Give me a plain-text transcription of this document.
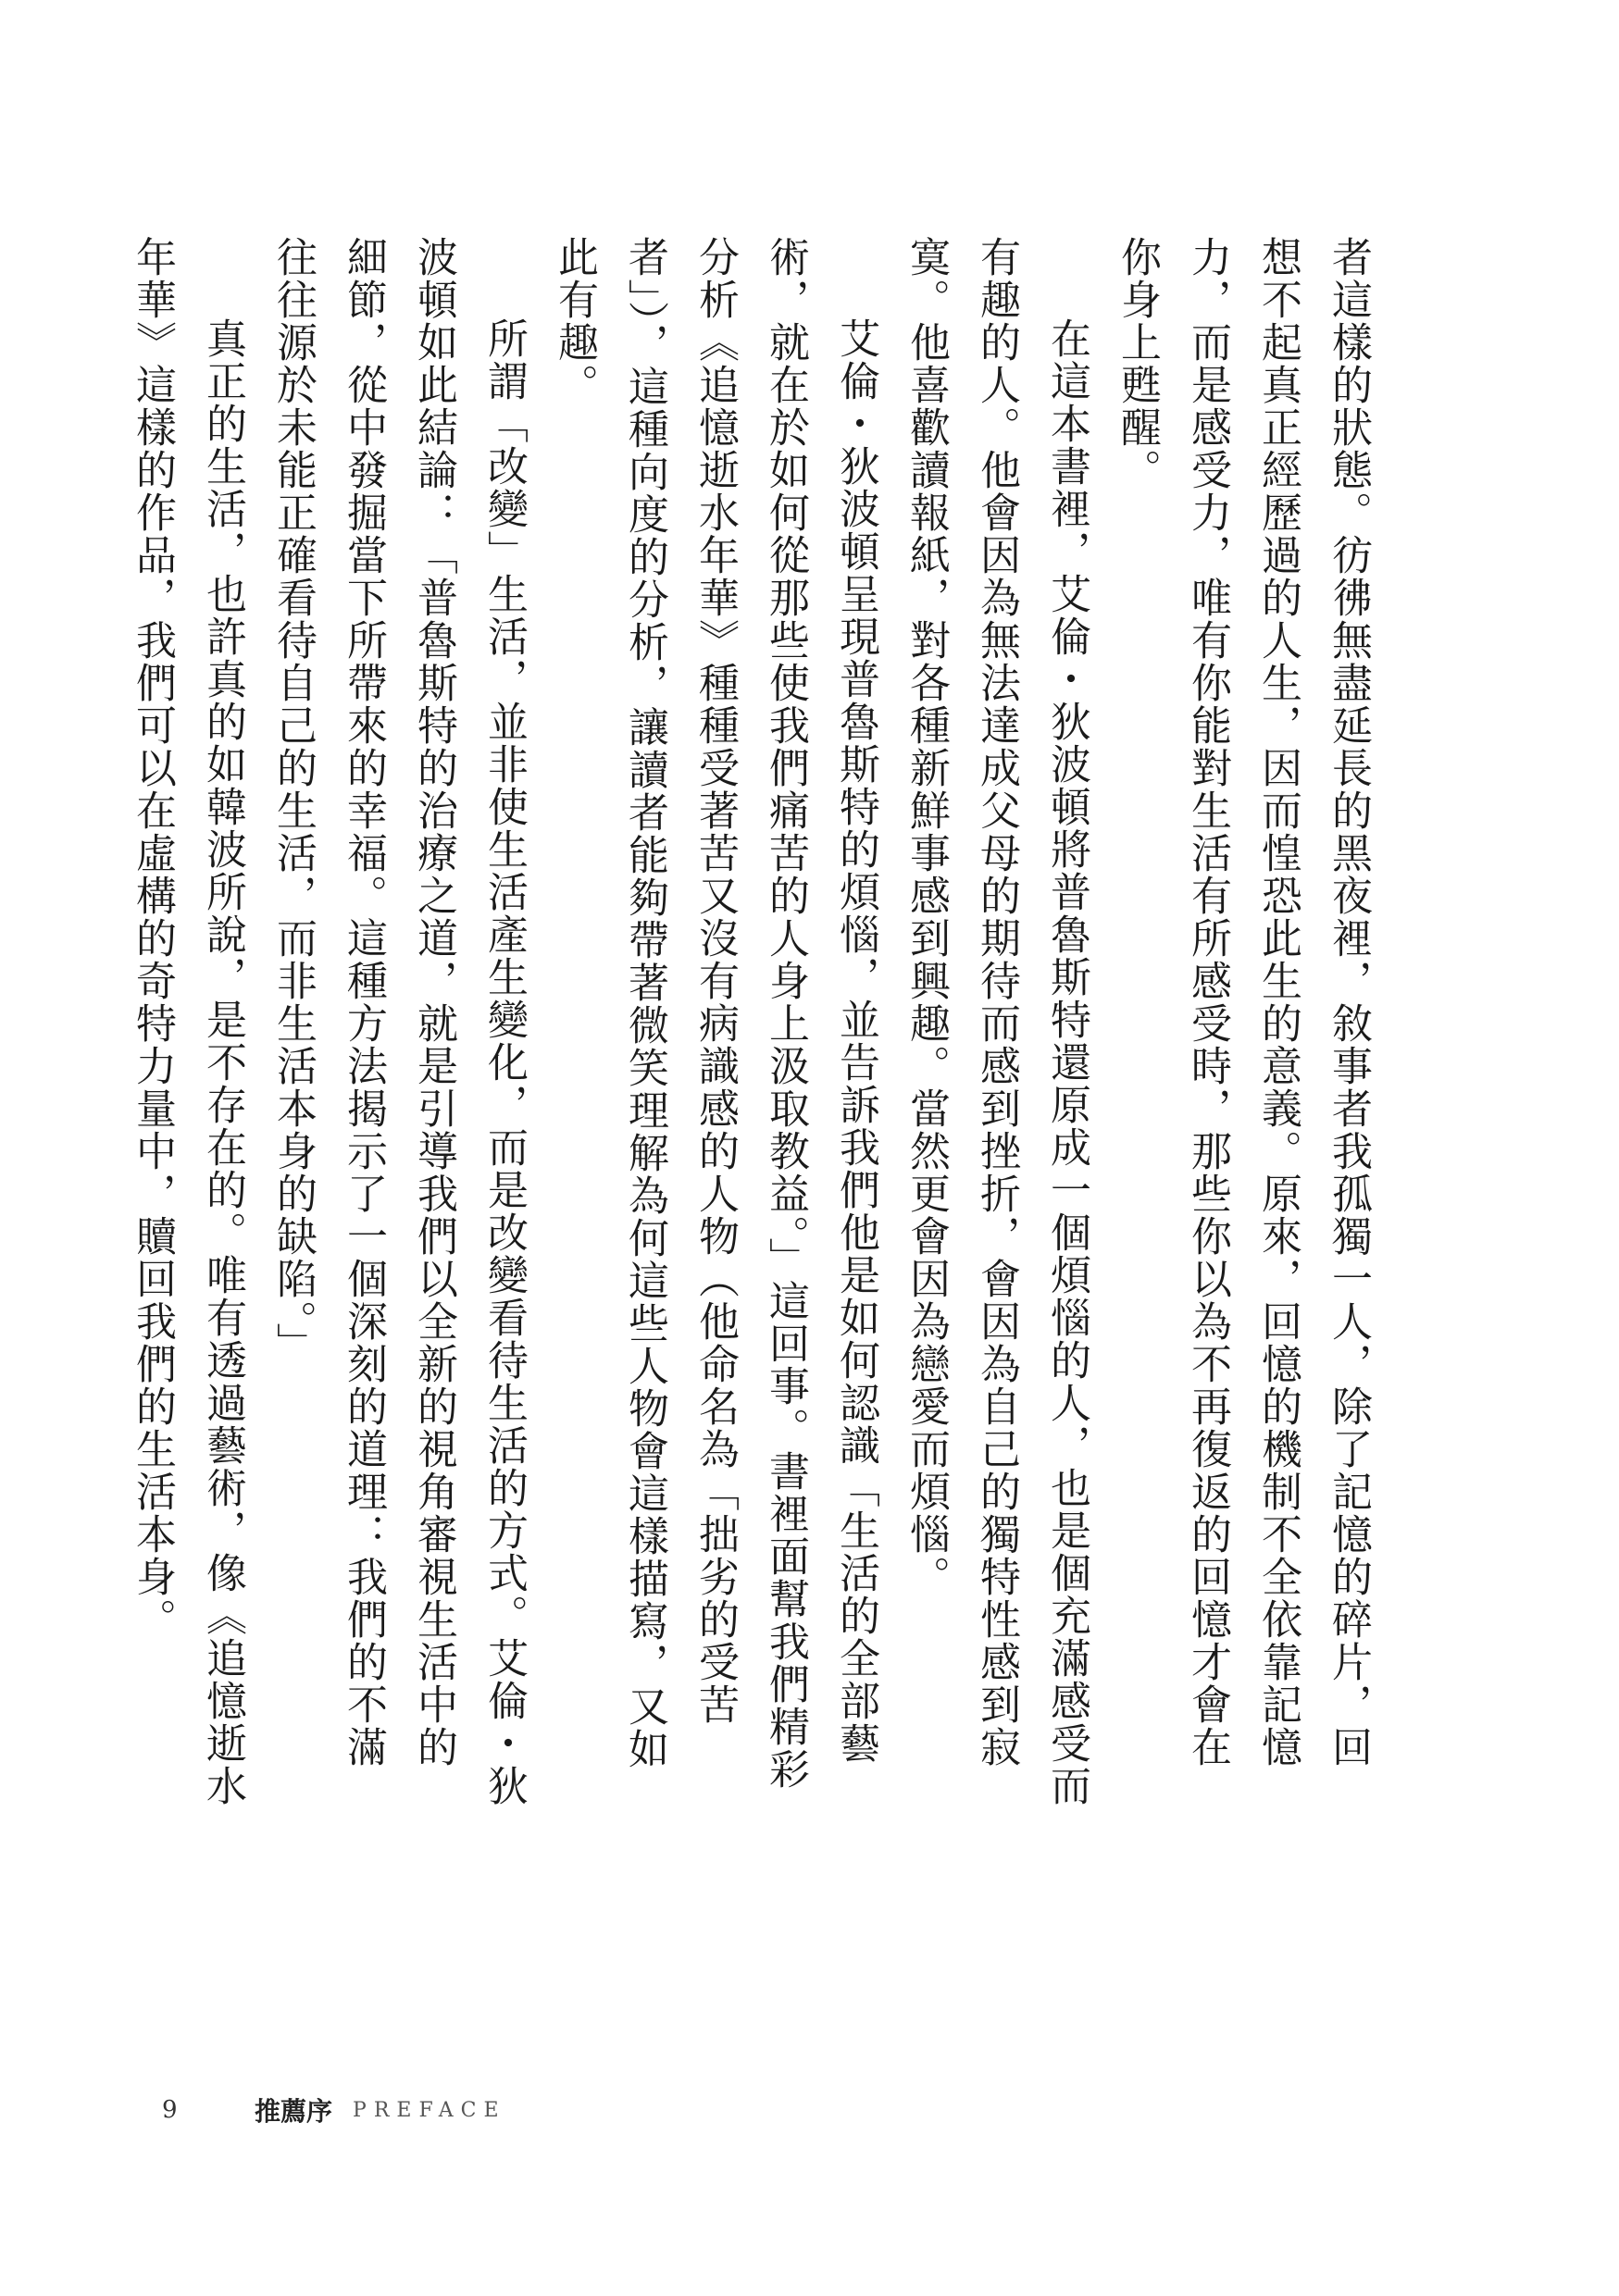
者這樣的狀態。彷彿無盡延長的黑夜裡，敘事者我孤獨一人，除了記憶的碎片，回想不起真正經歷過的人生，因而惶恐此生的意義。原來，回憶的機制不全依靠記憶力，而是感受力，唯有你能對生活有所感受時，那些你以為不再復返的回憶才會在你身上甦醒。

在這本書裡，艾倫・狄波頓將普魯斯特還原成一個煩惱的人，也是個充滿感受而有趣的人。他會因為無法達成父母的期待而感到挫折，會因為自己的獨特性感到寂寞。他喜歡讀報紙，對各種新鮮事感到興趣。當然更會因為戀愛而煩惱。

艾倫・狄波頓呈現普魯斯特的煩惱，並告訴我們他是如何認識「生活的全部藝術，就在於如何從那些使我們痛苦的人身上汲取教益。」這回事。書裡面幫我們精彩分析《追憶逝水年華》種種受著苦又沒有病識感的人物（他命名為「拙劣的受苦者」），這種向度的分析，讓讀者能夠帶著微笑理解為何這些人物會這樣描寫，又如此有趣。

所謂「改變」生活，並非使生活產生變化，而是改變看待生活的方式。艾倫・狄波頓如此結論：「普魯斯特的治療之道，就是引導我們以全新的視角審視生活中的細節，從中發掘當下所帶來的幸福。這種方法揭示了一個深刻的道理：我們的不滿往往源於未能正確看待自己的生活，而非生活本身的缺陷。」

真正的生活，也許真的如韓波所說，是不存在的。唯有透過藝術，像《追憶逝水年華》這樣的作品，我們可以在虛構的奇特力量中，贖回我們的生活本身。

9	推薦序 PREFACE
